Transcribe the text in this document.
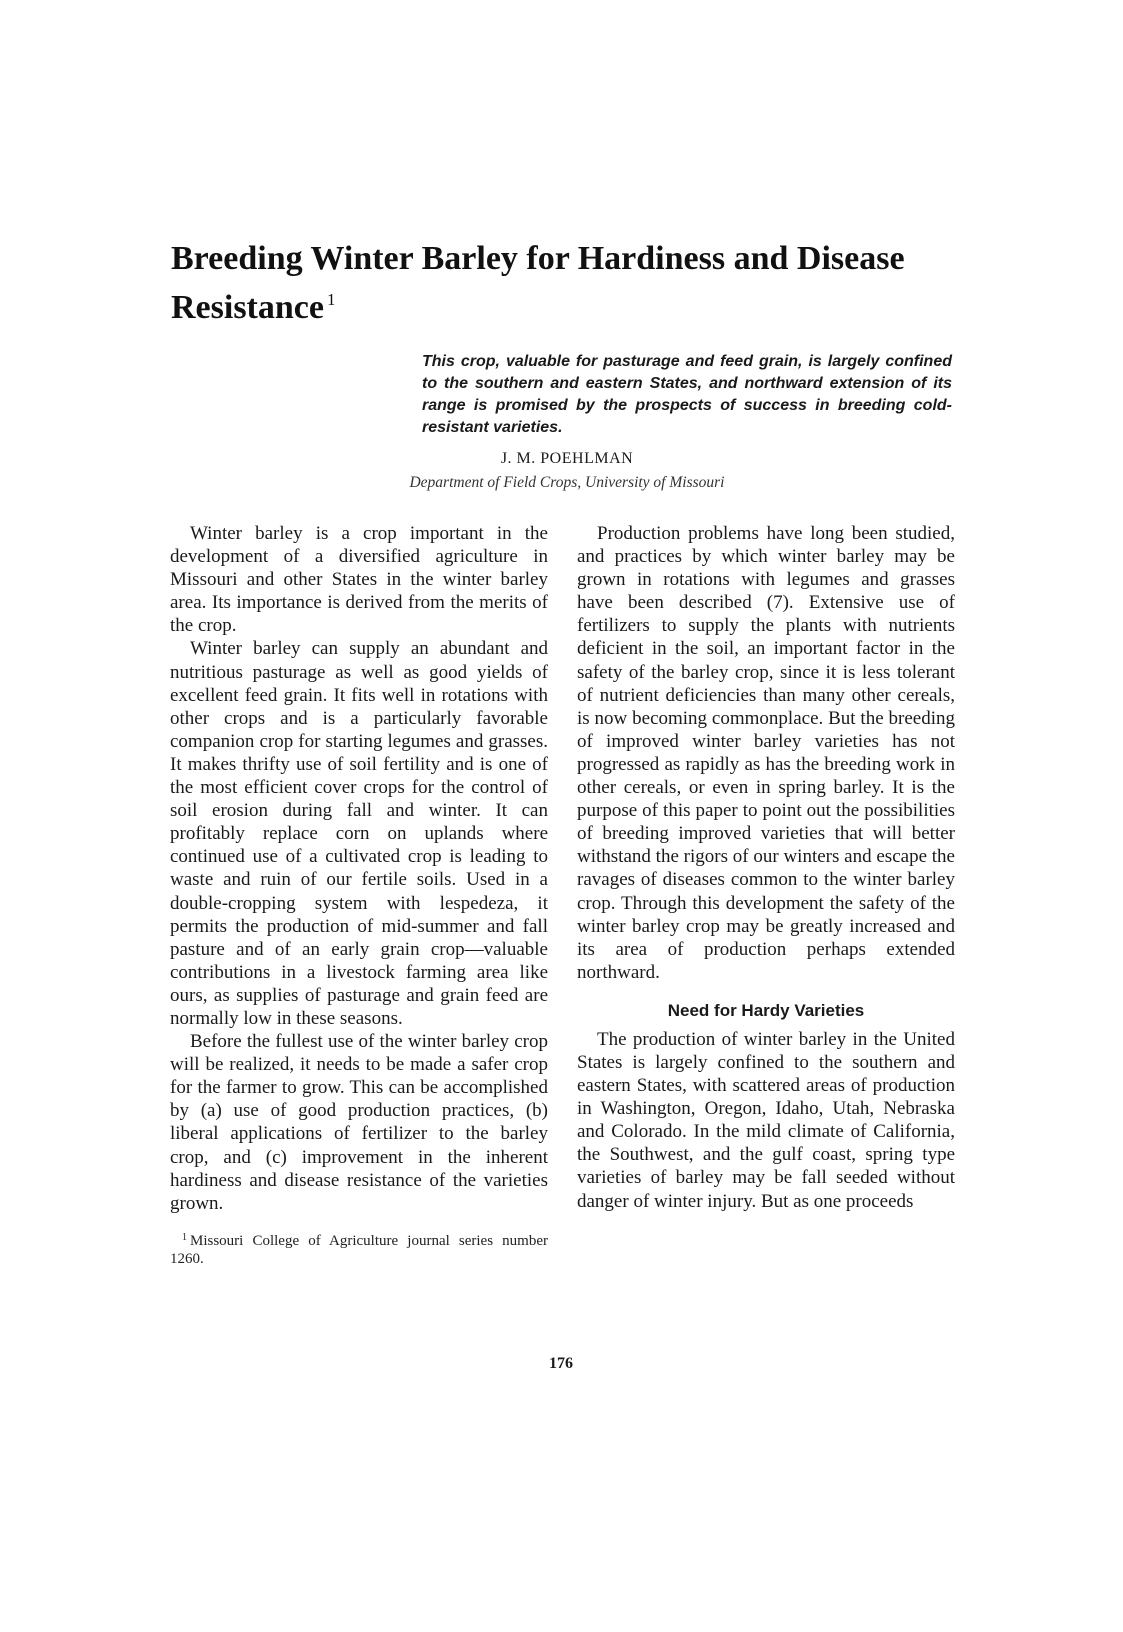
Breeding Winter Barley for Hardiness and Disease Resistance $^1$

This crop, valuable for pasturage and feed grain, is largely confined to the southern and eastern States, and northward extension of its range is promised by the prospects of success in breeding cold-resistant varieties.

J. M. POEHLMAN

Department of Field Crops, University of Missouri

Winter barley is a crop important in the development of a diversified agriculture in Missouri and other States in the winter barley area. Its importance is derived from the merits of the crop.

Winter barley can supply an abundant and nutritious pasturage as well as good yields of excellent feed grain. It fits well in rotations with other crops and is a particularly favorable companion crop for starting legumes and grasses. It makes thrifty use of soil fertility and is one of the most efficient cover crops for the control of soil erosion during fall and winter. It can profitably replace corn on uplands where continued use of a cultivated crop is leading to waste and ruin of our fertile soils. Used in a double-cropping system with lespedeza, it permits the production of mid-summer and fall pasture and of an early grain crop—valuable contributions in a livestock farming area like ours, as supplies of pasturage and grain feed are normally low in these seasons.

Before the fullest use of the winter barley crop will be realized, it needs to be made a safer crop for the farmer to grow. This can be accomplished by (a) use of good production practices, (b) liberal applications of fertilizer to the barley crop, and (c) improvement in the inherent hardiness and disease resistance of the varieties grown.

$^1$ Missouri College of Agriculture journal series number 1260.

Production problems have long been studied, and practices by which winter barley may be grown in rotations with legumes and grasses have been described (7). Extensive use of fertilizers to supply the plants with nutrients deficient in the soil, an important factor in the safety of the barley crop, since it is less tolerant of nutrient deficiencies than many other cereals, is now becoming commonplace. But the breeding of improved winter barley varieties has not progressed as rapidly as has the breeding work in other cereals, or even in spring barley. It is the purpose of this paper to point out the possibilities of breeding improved varieties that will better withstand the rigors of our winters and escape the ravages of diseases common to the winter barley crop. Through this development the safety of the winter barley crop may be greatly increased and its area of production perhaps extended northward.

Need for Hardy Varieties

The production of winter barley in the United States is largely confined to the southern and eastern States, with scattered areas of production in Washington, Oregon, Idaho, Utah, Nebraska and Colorado. In the mild climate of California, the Southwest, and the gulf coast, spring type varieties of barley may be fall seeded without danger of winter injury. But as one proceeds

176
